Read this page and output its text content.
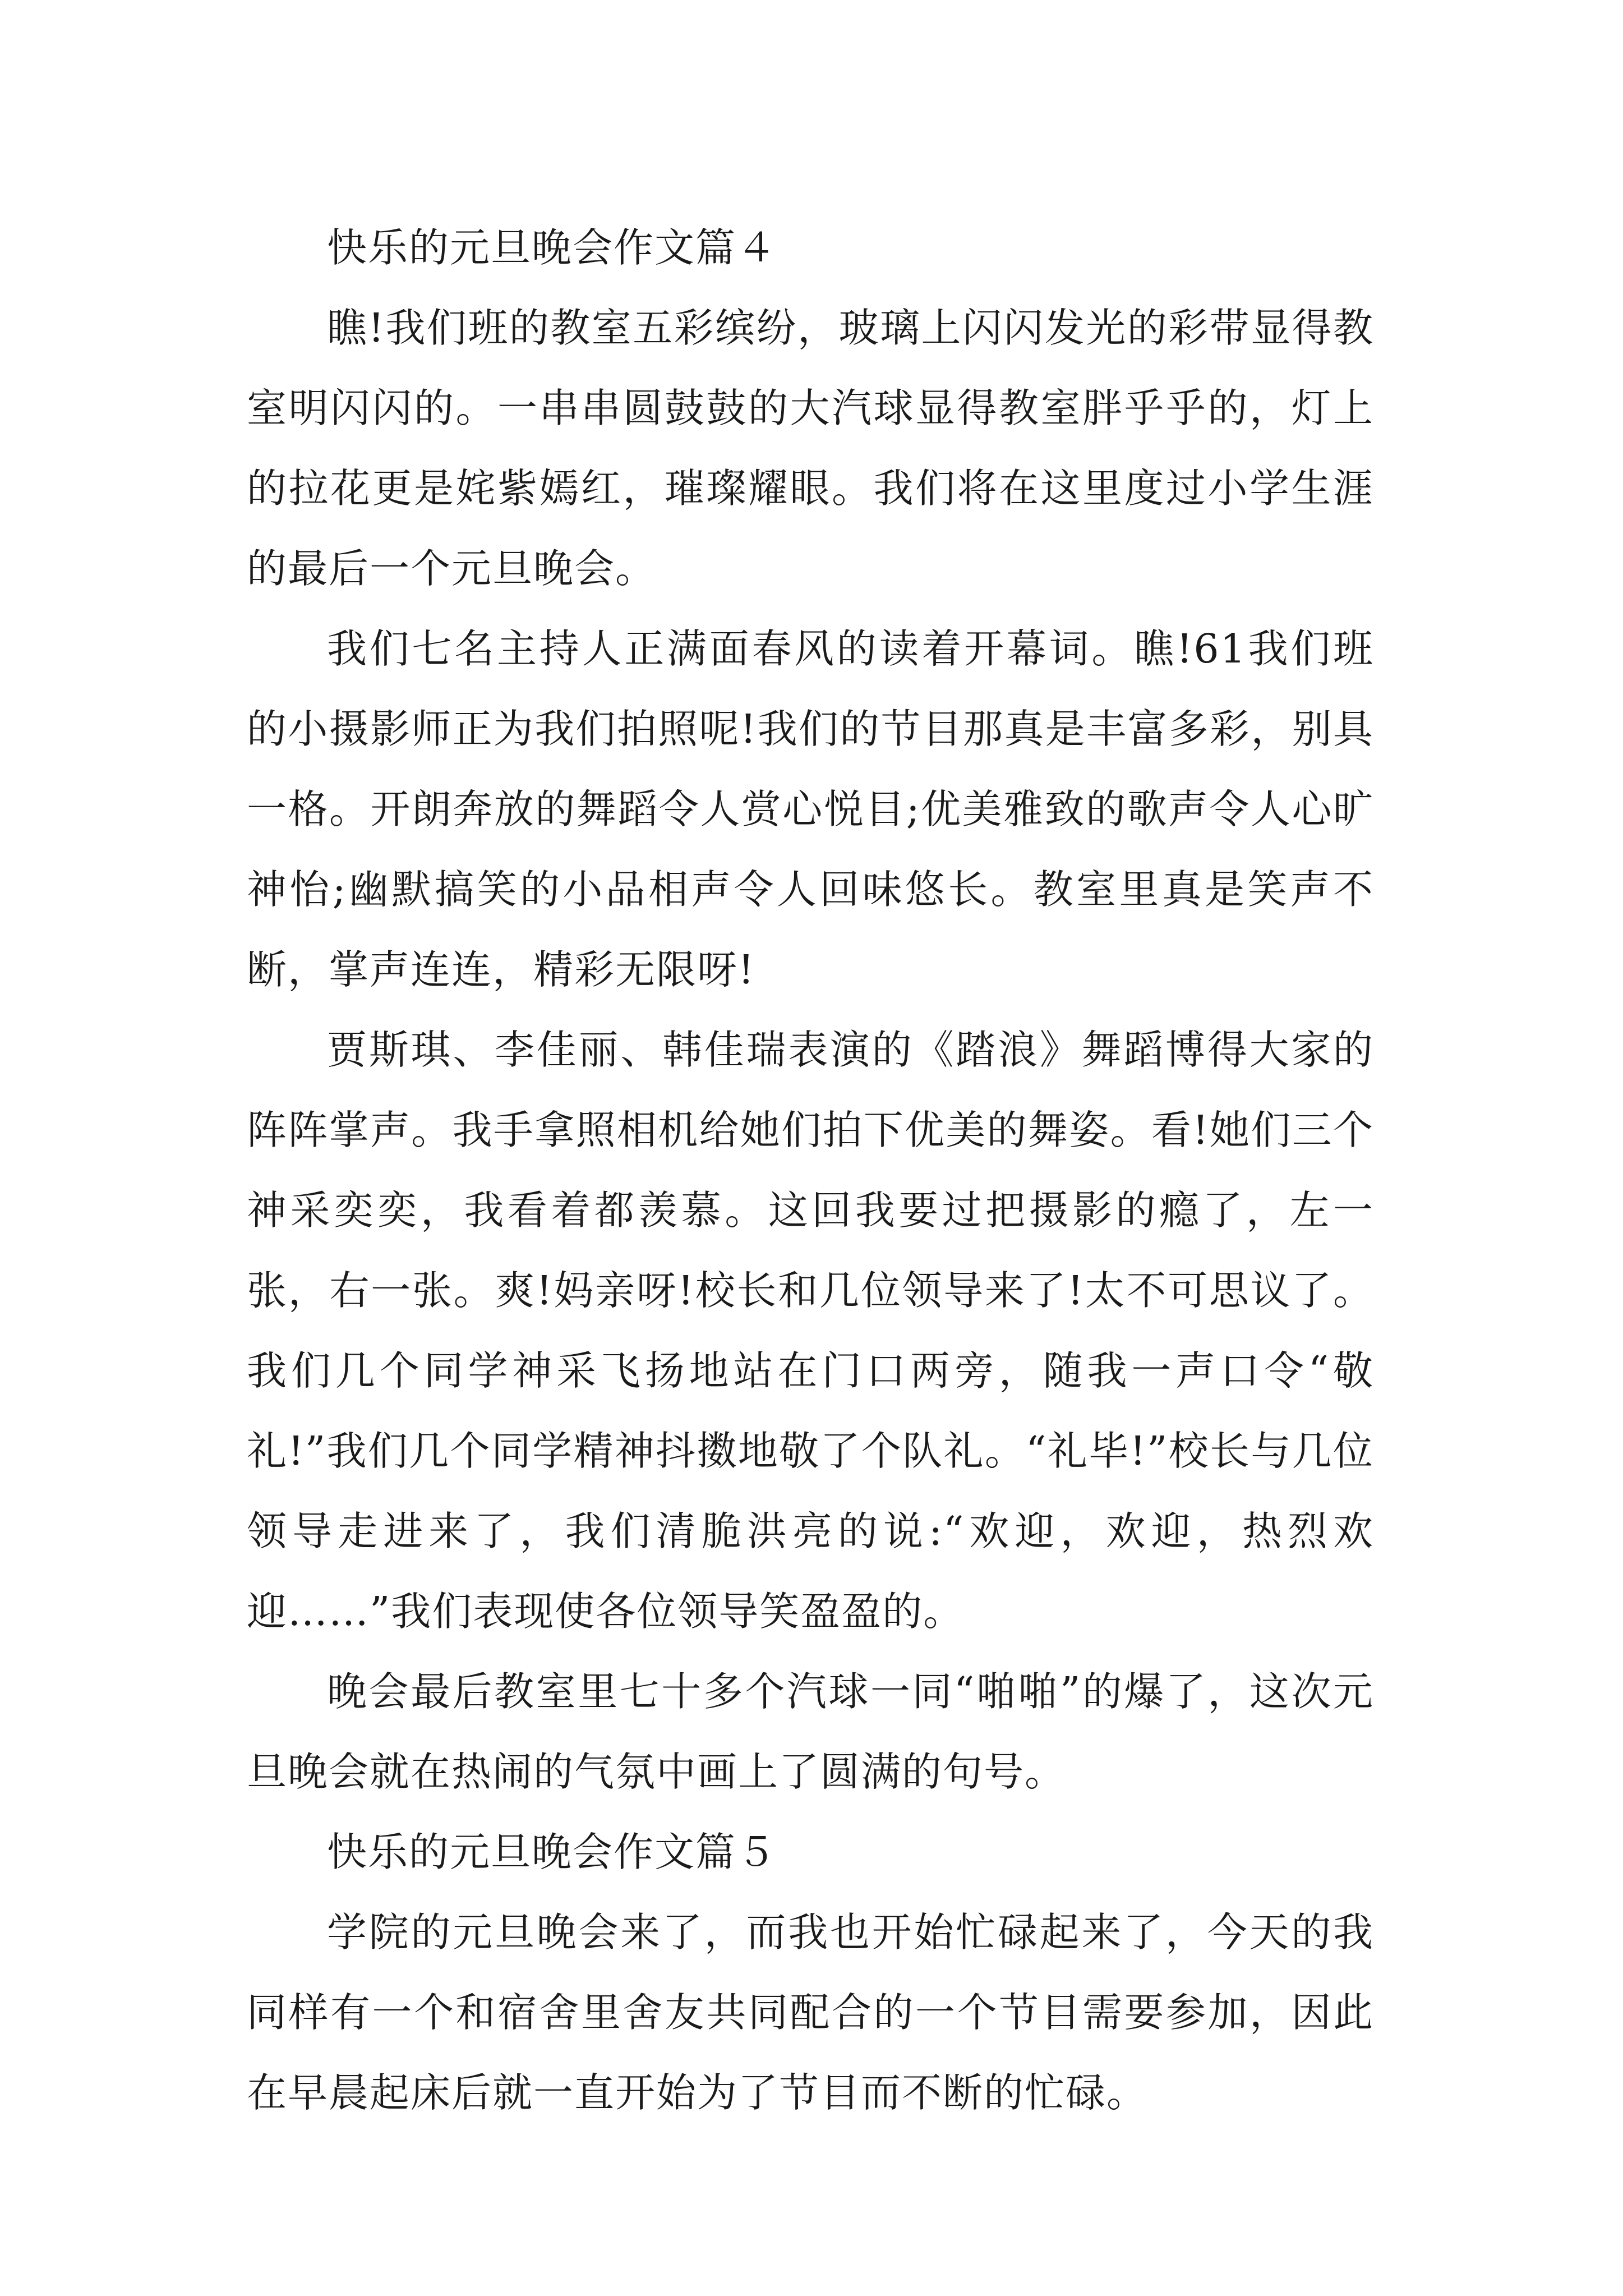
快乐的元旦晚会作文篇４

瞧!我们班的教室五彩缤纷，玻璃上闪闪发光的彩带显得教室明闪闪的。一串串圆鼓鼓的大汽球显得教室胖乎乎的，灯上的拉花更是姹紫嫣红，璀璨耀眼。我们将在这里度过小学生涯的最后一个元旦晚会。

我们七名主持人正满面春风的读着开幕词。瞧!61我们班的小摄影师正为我们拍照呢!我们的节目那真是丰富多彩，别具一格。开朗奔放的舞蹈令人赏心悦目;优美雅致的歌声令人心旷神怡;幽默搞笑的小品相声令人回味悠长。教室里真是笑声不断，掌声连连，精彩无限呀!

贾斯琪、李佳丽、韩佳瑞表演的《踏浪》舞蹈博得大家的阵阵掌声。我手拿照相机给她们拍下优美的舞姿。看!她们三个神采奕奕，我看着都羡慕。这回我要过把摄影的瘾了，左一张，右一张。爽!妈亲呀!校长和几位领导来了!太不可思议了。我们几个同学神采飞扬地站在门口两旁，随我一声口令“敬礼!”我们几个同学精神抖擞地敬了个队礼。“礼毕!”校长与几位领导走进来了，我们清脆洪亮的说:“欢迎，欢迎，热烈欢迎……”我们表现使各位领导笑盈盈的。

晚会最后教室里七十多个汽球一同“啪啪”的爆了，这次元旦晚会就在热闹的气氛中画上了圆满的句号。

快乐的元旦晚会作文篇５

学院的元旦晚会来了，而我也开始忙碌起来了，今天的我同样有一个和宿舍里舍友共同配合的一个节目需要参加，因此在早晨起床后就一直开始为了节目而不断的忙碌。
